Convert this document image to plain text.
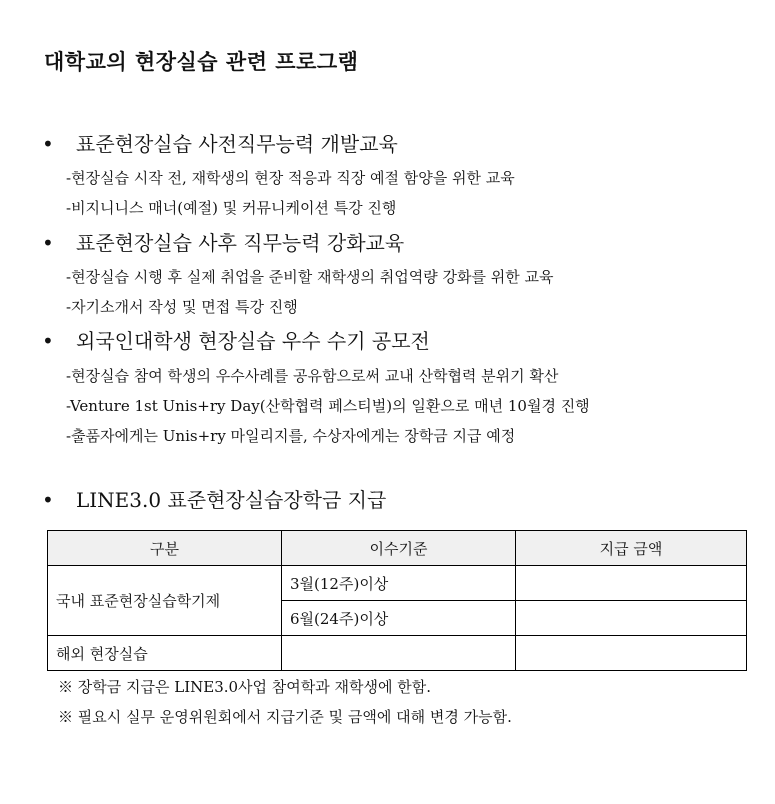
대학교의 현장실습 관련 프로그램

• 표준현장실습 사전직무능력 개발교육

-현장실습 시작 전, 재학생의 현장 적응과 직장 예절 함양을 위한 교육

-비지니니스 매너(예절) 및 커뮤니케이션 특강 진행

• 표준현장실습 사후 직무능력 강화교육

-현장실습 시행 후 실제 취업을 준비할 재학생의 취업역량 강화를 위한 교육

-자기소개서 작성 및 면접 특강 진행

• 외국인대학생 현장실습 우수 수기 공모전

-현장실습 참여 학생의 우수사례를 공유함으로써 교내 산학협력 분위기 확산

-Venture 1st Unis+ry Day(산학협력 페스티벌)의 일환으로 매년 10월경 진행

-출품자에게는 Unis+ry 마일리지를, 수상자에게는 장학금 지급 예정

• LINE3.0 표준현장실습장학금 지급

구분	이수기준	지급 금액
국내 표준현장실습학기제	3월(12주)이상	
	6월(24주)이상	
해외 현장실습		

※ 장학금 지급은 LINE3.0사업 참여학과 재학생에 한함.

※ 필요시 실무 운영위원회에서 지급기준 및 금액에 대해 변경 가능함.
